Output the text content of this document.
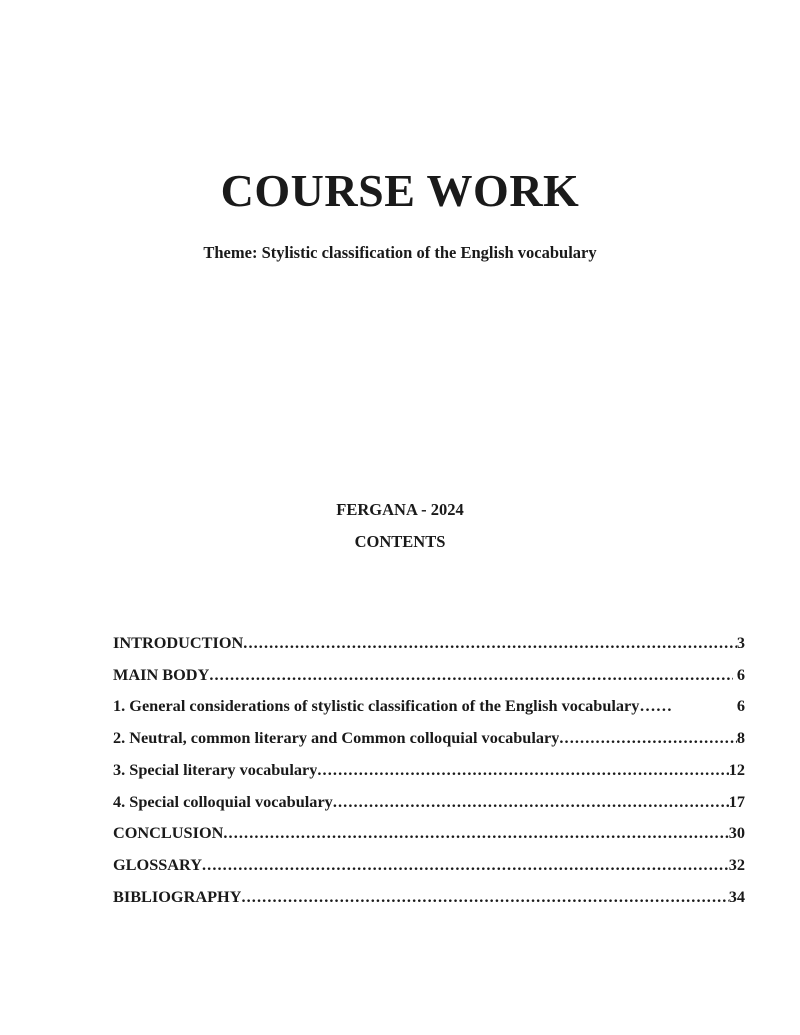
COURSE WORK

Theme: Stylistic classification of the English vocabulary

FERGANA - 2024

CONTENTS

INTRODUCTION .....	3
MAIN BODY .....	6
1. General considerations of stylistic classification of the English vocabulary……	6
2. Neutral, common literary and Common colloquial vocabulary .....	8
3. Special literary vocabulary .....	12
4. Special colloquial vocabulary .....	17
CONCLUSION .....	30
GLOSSARY .....	32
BIBLIOGRAPHY .....	34
